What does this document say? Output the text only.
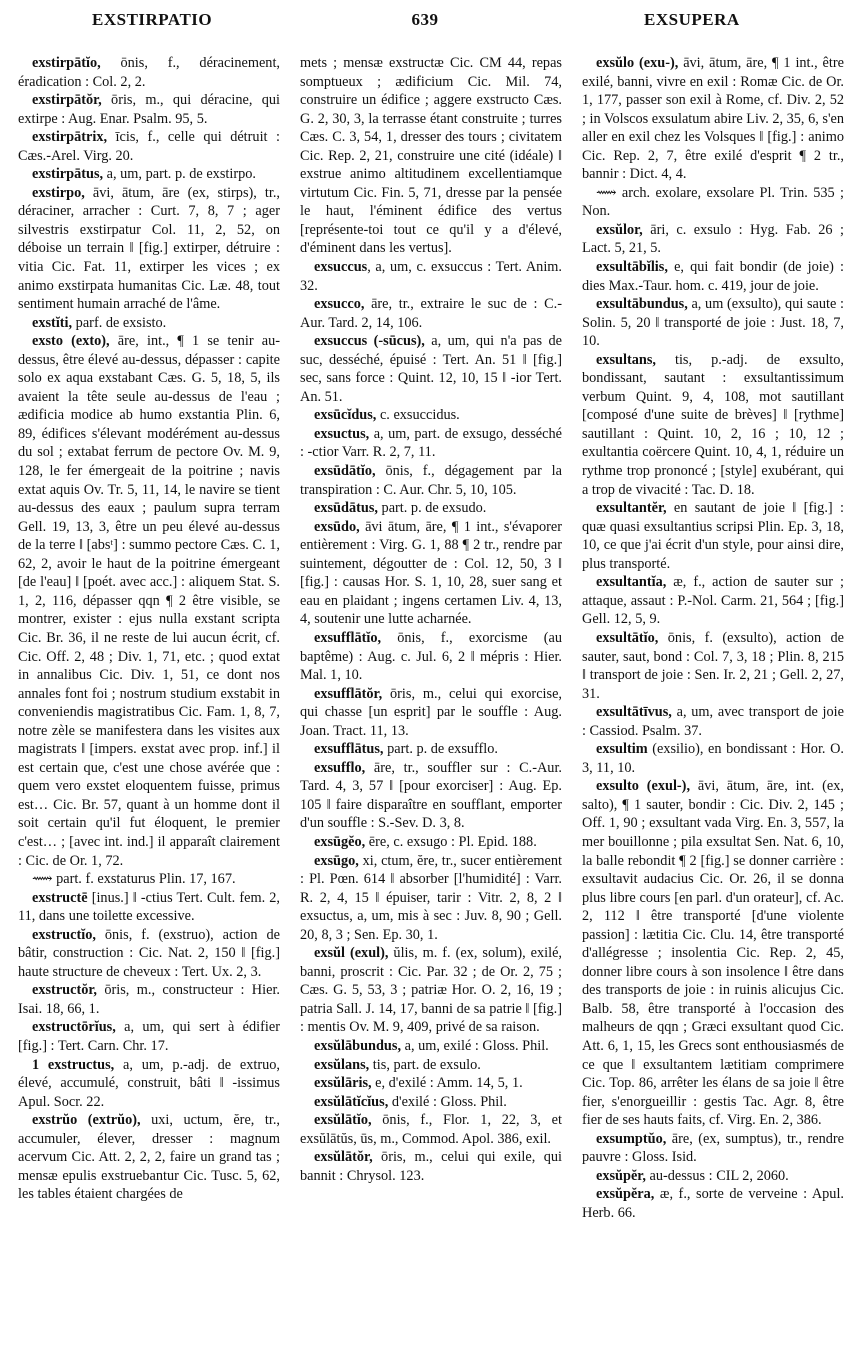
EXSTIRPATIO	639	EXSUPERA

exstirpātĭo, ōnis, f., déracinement, éradication : Col. 2, 2.

exstirpātŏr, ōris, m., qui déracine, qui extirpe : Aug. Enar. Psalm. 95, 5.

exstirpātrix, īcis, f., celle qui détruit : Cæs.-Arel. Virg. 20.

exstirpātus, a, um, part. p. de exstirpo.

exstirpo, āvi, ātum, āre (ex, stirps), tr., déraciner, arracher : Curt. 7, 8, 7 ; ager silvestris exstirpatur Col. 11, 2, 52, on déboise un terrain ‖ [fig.] extirper, détruire : vitia Cic. Fat. 11, extirper les vices ; ex animo exstirpata humanitas Cic. Læ. 48, tout sentiment humain arraché de l'âme.

exstĭti, parf. de exsisto.

exsto (exto), āre, int., ¶ 1 se tenir au-dessus, être élevé au-dessus, dépasser : capite solo ex aqua exstabant Cæs. G. 5, 18, 5, ils avaient la tête seule au-dessus de l'eau ; ædificia modice ab humo exstantia Plin. 6, 89, édifices s'élevant modérément au-dessus du sol ; extabat ferrum de pectore Ov. M. 9, 128, le fer émergeait de la poitrine ; navis extat aquis Ov. Tr. 5, 11, 14, le navire se tient au-dessus des eaux ; paulum supra terram Gell. 19, 13, 3, être un peu élevé au-dessus de la terre ‖ [absᵗ] : summo pectore Cæs. C. 1, 62, 2, avoir le haut de la poitrine émergeant [de l'eau] ‖ [poét. avec acc.] : aliquem Stat. S. 1, 2, 116, dépasser qqn ¶ 2 être visible, se montrer, exister : ejus nulla exstant scripta Cic. Br. 36, il ne reste de lui aucun écrit, cf. Cic. Off. 2, 48 ; Div. 1, 71, etc. ; quod extat in annalibus Cic. Div. 1, 51, ce dont nos annales font foi ; nostrum studium exstabit in conveniendis magistratibus Cic. Fam. 1, 8, 7, notre zèle se manifestera dans les visites aux magistrats ‖ [impers. exstat avec prop. inf.] il est certain que, c'est une chose avérée que : quem vero exstet eloquentem fuisse, primus est… Cic. Br. 57, quant à un homme dont il soit certain qu'il fut éloquent, le premier c'est… ; [avec int. ind.] il apparaît clairement : Cic. de Or. 1, 72.

⟿ part. f. exstaturus Plin. 17, 167.

exstructē [inus.] ‖ -ctius Tert. Cult. fem. 2, 11, dans une toilette excessive.

exstructĭo, ōnis, f. (exstruo), action de bâtir, construction : Cic. Nat. 2, 150 ‖ [fig.] haute structure de cheveux : Tert. Ux. 2, 3.

exstructŏr, ōris, m., constructeur : Hier. Isai. 18, 66, 1.

exstructōrĭus, a, um, qui sert à édifier [fig.] : Tert. Carn. Chr. 17.

1 exstructus, a, um, p.-adj. de extruo, élevé, accumulé, construit, bâti ‖ -issimus Apul. Socr. 22.

exstrŭo (extrŭo), uxi, uctum, ĕre, tr., accumuler, élever, dresser : magnum acervum Cic. Att. 2, 2, 2, faire un grand tas ; mensæ epulis exstruebantur Cic. Tusc. 5, 62, les tables étaient chargées de

mets ; mensæ exstructæ Cic. CM 44, repas somptueux ; ædificium Cic. Mil. 74, construire un édifice ; aggere exstructo Cæs. G. 2, 30, 3, la terrasse étant construite ; turres Cæs. C. 3, 54, 1, dresser des tours ; civitatem Cic. Rep. 2, 21, construire une cité (idéale) ‖ exstrue animo altitudinem excellentiamque virtutum Cic. Fin. 5, 71, dresse par la pensée le haut, l'éminent édifice des vertus [représente-toi tout ce qu'il y a d'élevé, d'éminent dans les vertus].

exsuccus, a, um, c. exsuccus : Tert. Anim. 32.

exsucco, āre, tr., extraire le suc de : C.-Aur. Tard. 2, 14, 106.

exsuccus (-sūcus), a, um, qui n'a pas de suc, desséché, épuisé : Tert. An. 51 ‖ [fig.] sec, sans force : Quint. 12, 10, 15 ‖ -ior Tert. An. 51.

exsūcĭdus, c. exsuccidus.

exsuctus, a, um, part. de exsugo, desséché : -ctior Varr. R. 2, 7, 11.

exsūdātĭo, ōnis, f., dégagement par la transpiration : C. Aur. Chr. 5, 10, 105.

exsūdātus, part. p. de exsudo.

exsūdo, āvi ātum, āre, ¶ 1 int., s'évaporer entièrement : Virg. G. 1, 88 ¶ 2 tr., rendre par suintement, dégoutter de : Col. 12, 50, 3 ‖ [fig.] : causas Hor. S. 1, 10, 28, suer sang et eau en plaidant ; ingens certamen Liv. 4, 13, 4, soutenir une lutte acharnée.

exsufflātĭo, ōnis, f., exorcisme (au baptême) : Aug. c. Jul. 6, 2 ‖ mépris : Hier. Mal. 1, 10.

exsufflātŏr, ōris, m., celui qui exorcise, qui chasse [un esprit] par le souffle : Aug. Joan. Tract. 11, 13.

exsufflātus, part. p. de exsufflo.

exsufflo, āre, tr., souffler sur : C.-Aur. Tard. 4, 3, 57 ‖ [pour exorciser] : Aug. Ep. 105 ‖ faire disparaître en soufflant, emporter d'un souffle : S.-Sev. D. 3, 8.

exsūgĕo, ēre, c. exsugo : Pl. Epid. 188.

exsūgo, xi, ctum, ĕre, tr., sucer entièrement : Pl. Pœn. 614 ‖ absorber [l'humidité] : Varr. R. 2, 4, 15 ‖ épuiser, tarir : Vitr. 2, 8, 2 ‖ exsuctus, a, um, mis à sec : Juv. 8, 90 ; Gell. 20, 8, 3 ; Sen. Ep. 30, 1.

exsŭl (exul), ŭlis, m. f. (ex, solum), exilé, banni, proscrit : Cic. Par. 32 ; de Or. 2, 75 ; Cæs. G. 5, 53, 3 ; patriæ Hor. O. 2, 16, 19 ; patria Sall. J. 14, 17, banni de sa patrie ‖ [fig.] : mentis Ov. M. 9, 409, privé de sa raison.

exsŭlābundus, a, um, exilé : Gloss. Phil.

exsŭlans, tis, part. de exsulo.

exsŭlāris, e, d'exilé : Amm. 14, 5, 1.

exsŭlātĭcĭus, d'exilé : Gloss. Phil.

exsŭlātĭo, ōnis, f., Flor. 1, 22, 3, et exsŭlātŭs, ūs, m., Commod. Apol. 386, exil.

exsŭlātŏr, ōris, m., celui qui exile, qui bannit : Chrysol. 123.

exsŭlo (exu-), āvi, ātum, āre, ¶ 1 int., être exilé, banni, vivre en exil : Romæ Cic. de Or. 1, 177, passer son exil à Rome, cf. Div. 2, 52 ; in Volscos exsulatum abire Liv. 2, 35, 6, s'en aller en exil chez les Volsques ‖ [fig.] : animo Cic. Rep. 2, 7, être exilé d'esprit ¶ 2 tr., bannir : Dict. 4, 4.

⟿ arch. exolare, exsolare Pl. Trin. 535 ; Non.

exsŭlor, āri, c. exsulo : Hyg. Fab. 26 ; Lact. 5, 21, 5.

exsultābĭlis, e, qui fait bondir (de joie) : dies Max.-Taur. hom. c. 419, jour de joie.

exsultābundus, a, um (exsulto), qui saute : Solin. 5, 20 ‖ transporté de joie : Just. 18, 7, 10.

exsultans, tis, p.-adj. de exsulto, bondissant, sautant : exsultantissimum verbum Quint. 9, 4, 108, mot sautillant [composé d'une suite de brèves] ‖ [rythme] sautillant : Quint. 10, 2, 16 ; 10, 12 ; exultantia coërcere Quint. 10, 4, 1, réduire un rythme trop prononcé ; [style] exubérant, qui a trop de vivacité : Tac. D. 18.

exsultantĕr, en sautant de joie ‖ [fig.] : quæ quasi exsultantius scripsi Plin. Ep. 3, 18, 10, ce que j'ai écrit d'un style, pour ainsi dire, plus transporté.

exsultantĭa, æ, f., action de sauter sur ; attaque, assaut : P.-Nol. Carm. 21, 564 ; [fig.] Gell. 12, 5, 9.

exsultātĭo, ōnis, f. (exsulto), action de sauter, saut, bond : Col. 7, 3, 18 ; Plin. 8, 215 ‖ transport de joie : Sen. Ir. 2, 21 ; Gell. 2, 27, 31.

exsultātīvus, a, um, avec transport de joie : Cassiod. Psalm. 37.

exsultim (exsilio), en bondissant : Hor. O. 3, 11, 10.

exsulto (exul-), āvi, ātum, āre, int. (ex, salto), ¶ 1 sauter, bondir : Cic. Div. 2, 145 ; Off. 1, 90 ; exsultant vada Virg. En. 3, 557, la mer bouillonne ; pila exsultat Sen. Nat. 6, 10, la balle rebondit ¶ 2 [fig.] se donner carrière : exsultavit audacius Cic. Or. 26, il se donna plus libre cours [en parl. d'un orateur], cf. Ac. 2, 112 ‖ être transporté [d'une violente passion] : lætitia Cic. Clu. 14, être transporté d'allégresse ; insolentia Cic. Rep. 2, 45, donner libre cours à son insolence ‖ être dans des transports de joie : in ruinis alicujus Cic. Balb. 58, être transporté à l'occasion des malheurs de qqn ; Græci exsultant quod Cic. Att. 6, 1, 15, les Grecs sont enthousiasmés de ce que ‖ exsultantem lætitiam comprimere Cic. Top. 86, arrêter les élans de sa joie ‖ être fier, s'enorgueillir : gestis Tac. Agr. 8, être fier de ses hauts faits, cf. Virg. En. 2, 386.

exsumptŭo, āre, (ex, sumptus), tr., rendre pauvre : Gloss. Isid.

exsŭpĕr, au-dessus : CIL 2, 2060.

exsŭpĕra, æ, f., sorte de verveine : Apul. Herb. 66.
